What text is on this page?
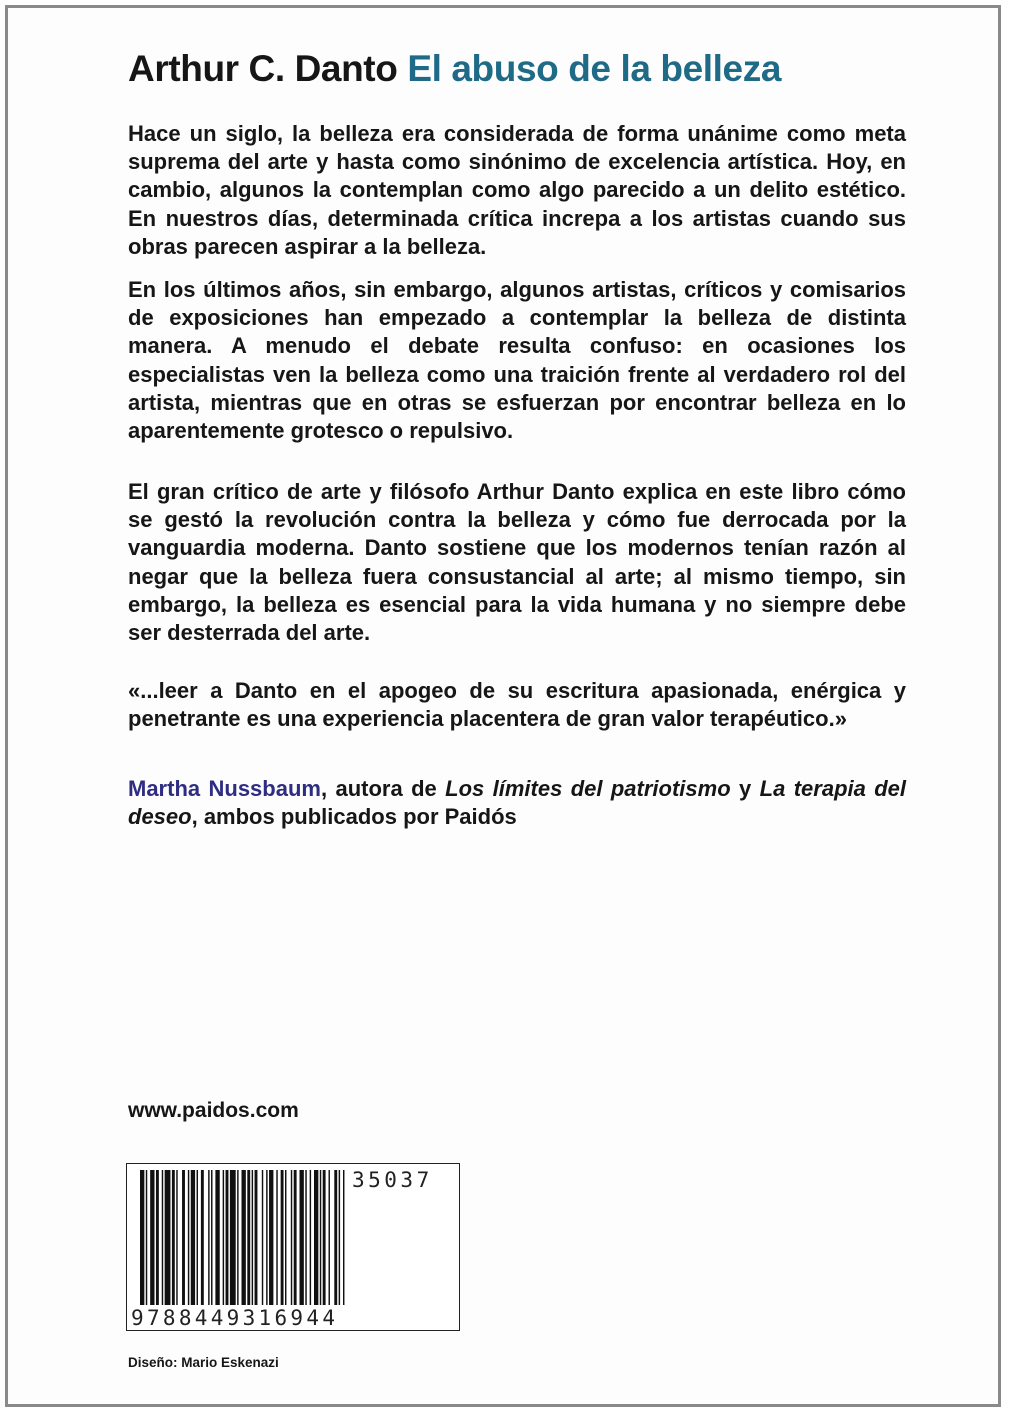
Arthur C. Danto El abuso de la belleza

Hace un siglo, la belleza era considerada de forma unánime como meta suprema del arte y hasta como sinónimo de excelencia artística. Hoy, en cambio, algunos la contemplan como algo parecido a un delito estético. En nuestros días, determinada crítica increpa a los artistas cuando sus obras parecen aspirar a la belleza.

En los últimos años, sin embargo, algunos artistas, críticos y comisarios de exposiciones han empezado a contemplar la belleza de distinta manera. A menudo el debate resulta confuso: en ocasiones los especialistas ven la belleza como una traición frente al verdadero rol del artista, mientras que en otras se esfuerzan por encontrar belleza en lo aparentemente grotesco o repulsivo.

El gran crítico de arte y filósofo Arthur Danto explica en este libro cómo se gestó la revolución contra la belleza y cómo fue derrocada por la vanguardia moderna. Danto sostiene que los modernos tenían razón al negar que la belleza fuera consustancial al arte; al mismo tiempo, sin embargo, la belleza es esencial para la vida humana y no siempre debe ser desterrada del arte.

«...leer a Danto en el apogeo de su escritura apasionada, enérgica y penetrante es una experiencia placentera de gran valor terapéutico.»

Martha Nussbaum, autora de Los límites del patriotismo y La terapia del deseo, ambos publicados por Paidós

www.paidos.com
35037
9788449316944
Diseño: Mario Eskenazi
